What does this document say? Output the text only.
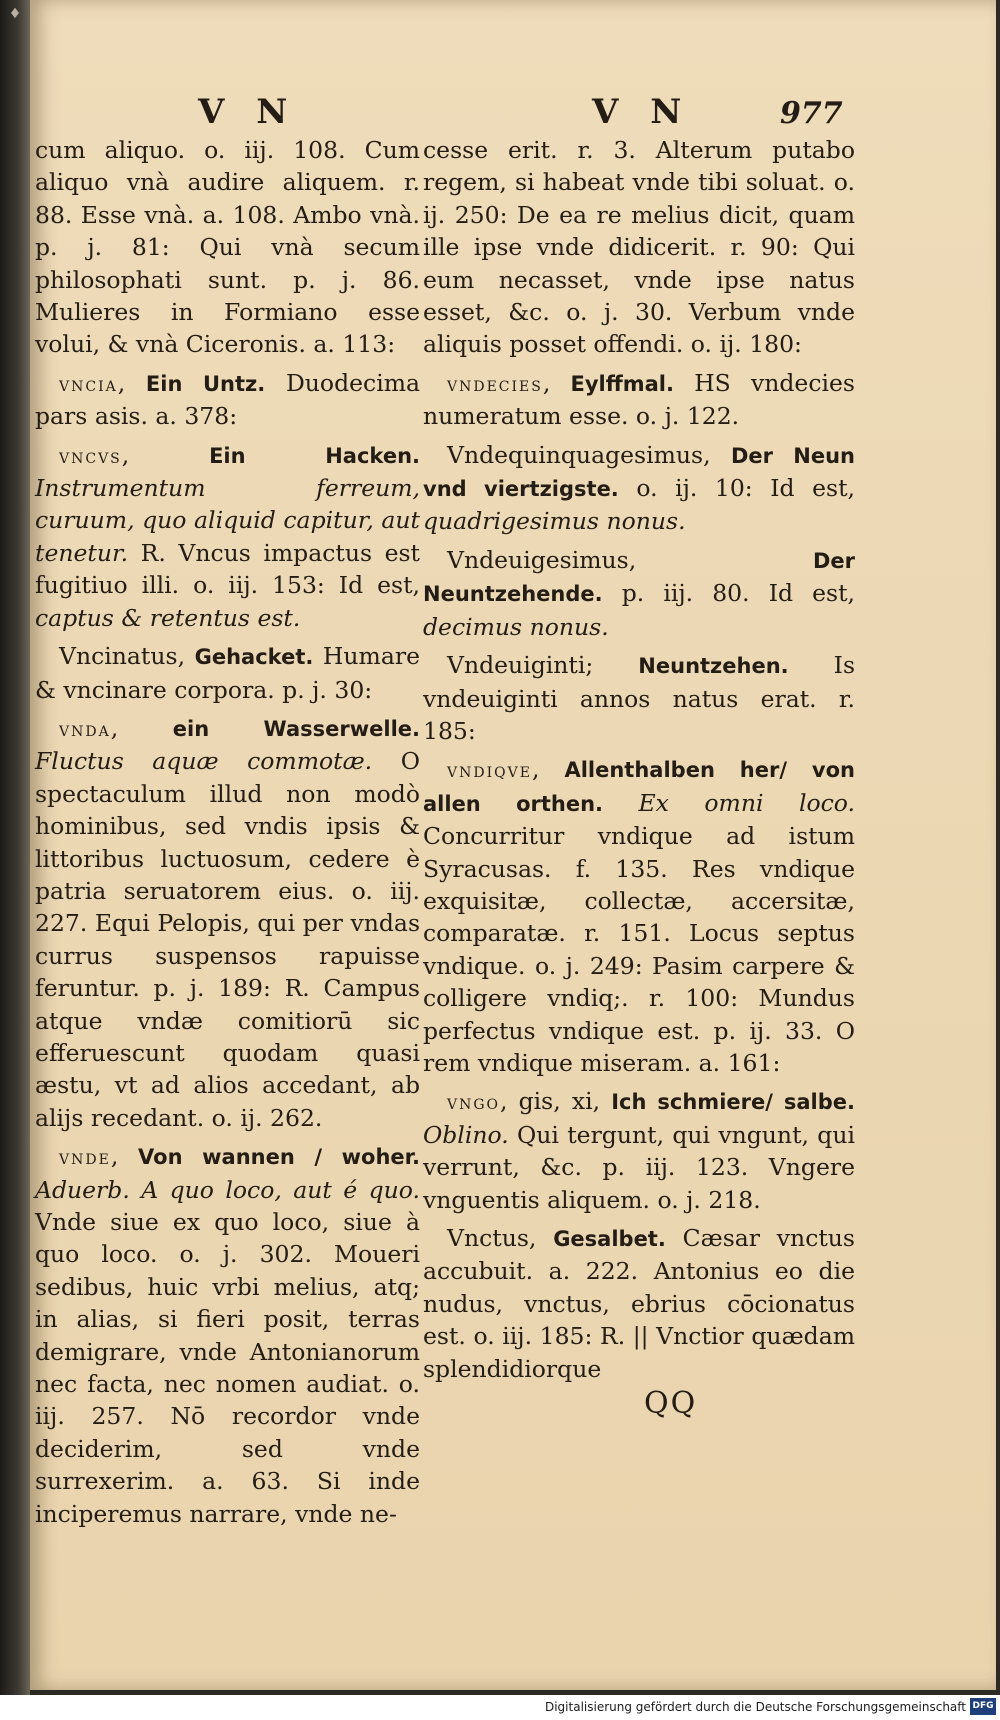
♦
V N	V N	977

cum aliquo. o. iij. 108. Cum aliquo vnà audire aliquem. r. 88. Esse vnà. a. 108. Ambo vnà. p. j. 81: Qui vnà secum philosophati sunt. p. j. 86. Mulieres in Formiano esse volui, & vnà Ciceronis. a. 113:

vncia, Ein Untz. Duodecima pars asis. a. 378:

vncvs, Ein Hacken. Instrumentum ferreum, curuum, quo aliquid capitur, aut tenetur. R. Vncus impactus est fugitiuo illi. o. iij. 153: Id est, captus & retentus est.

Vncinatus, Gehacket. Humare & vncinare corpora. p. j. 30:

vnda, ein Wasserwelle. Fluctus aquæ commotæ. O spectaculum illud non modò hominibus, sed vndis ipsis & littoribus luctuosum, cedere è patria seruatorem eius. o. iij. 227. Equi Pelopis, qui per vndas currus suspensos rapuisse feruntur. p. j. 189: R. Campus atque vndæ comitiorū sic efferuescunt quodam quasi æstu, vt ad alios accedant, ab alijs recedant. o. ij. 262.

vnde, Von wannen / woher. Aduerb. A quo loco, aut é quo. Vnde siue ex quo loco, siue à quo loco. o. j. 302. Moueri sedibus, huic vrbi melius, atq; in alias, si fieri posit, terras demigrare, vnde Antonianorum nec facta, nec nomen audiat. o. iij. 257. Nō recordor vnde deciderim, sed vnde surrexerim. a. 63. Si inde inciperemus narrare, vnde ne-

cesse erit. r. 3. Alterum putabo regem, si habeat vnde tibi soluat. o. ij. 250: De ea re melius dicit, quam ille ipse vnde didicerit. r. 90: Qui eum necasset, vnde ipse natus esset, &c. o. j. 30. Verbum vnde aliquis posset offendi. o. ij. 180:

vndecies, Eylffmal. HS vndecies numeratum esse. o. j. 122.

Vndequinquagesimus, Der Neun vnd viertzigste. o. ij. 10: Id est, quadrigesimus nonus.

Vndeuigesimus,	Der Neuntzehende. p. iij. 80. Id est, decimus nonus.

Vndeuiginti; Neuntzehen. Is vndeuiginti annos natus erat. r. 185:

vndiqve, Allenthalben her/ von allen orthen. Ex omni loco. Concurritur vndique ad istum Syracusas. f. 135. Res vndique exquisitæ, collectæ, accersitæ, comparatæ. r. 151. Locus septus vndique. o. j. 249: Pasim carpere & colligere vndiq;. r. 100: Mundus perfectus vndique est. p. ij. 33. O rem vndique miseram. a. 161:

vngo, gis, xi, Ich schmiere/ salbe. Oblino. Qui tergunt, qui vngunt, qui verrunt, &c. p. iij. 123. Vngere vnguentis aliquem. o. j. 218.

Vnctus, Gesalbet. Cæsar vnctus accubuit. a. 222. Antonius eo die nudus, vnctus, ebrius cōcionatus est. o. iij. 185: R. || Vnctior quædam splendidiorque

QQ
Digitalisierung gefördert durch die Deutsche Forschungsgemeinschaft DFG
